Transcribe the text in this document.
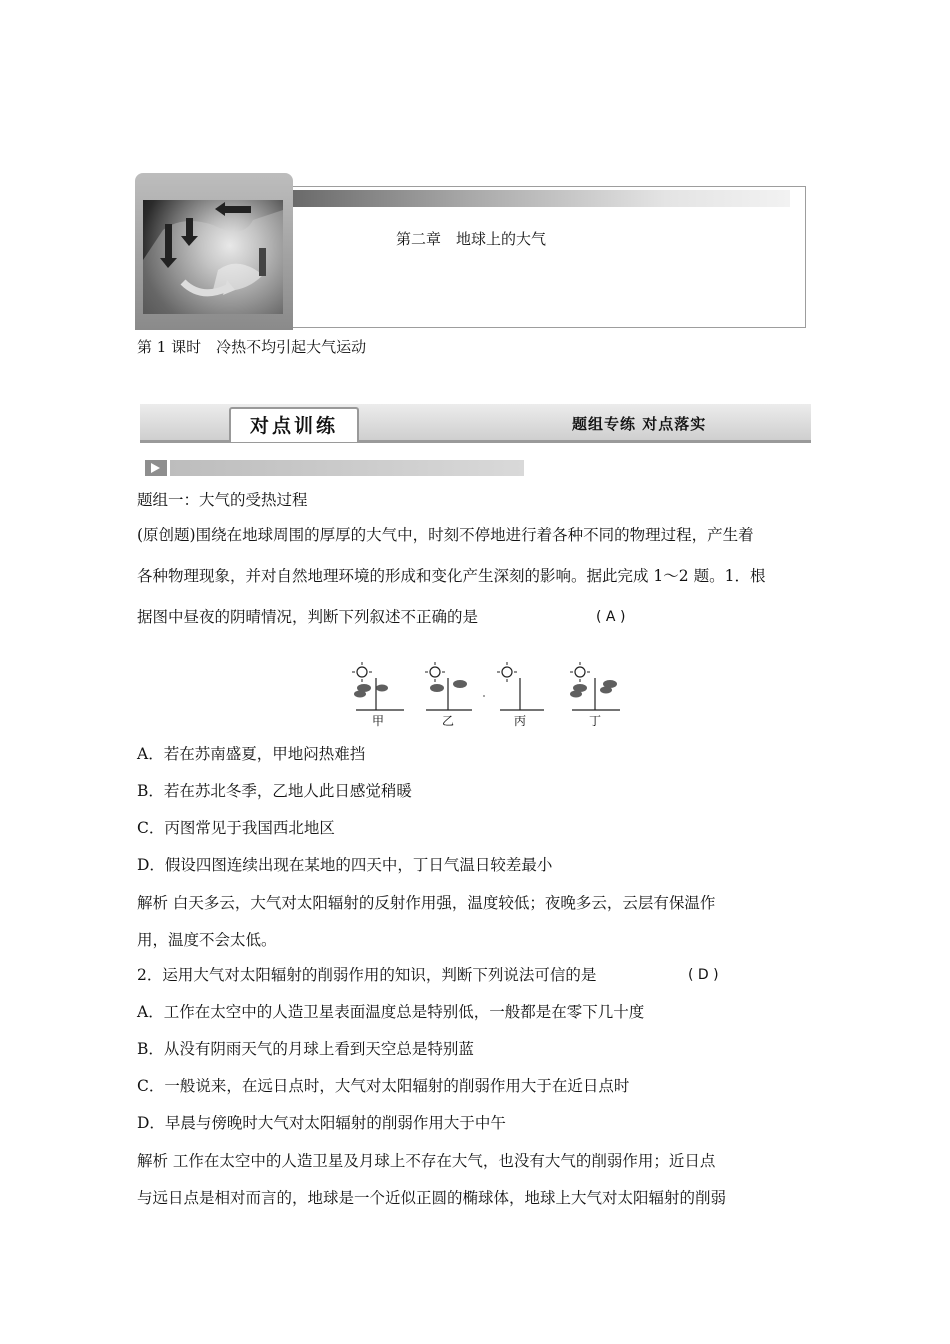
第二章　地球上的大气
第 1 课时　冷热不均引起大气运动
对点训练	题组专练 对点落实
题组一：大气的受热过程
(原创题)围绕在地球周围的厚厚的大气中，时刻不停地进行着各种不同的物理过程，产生着
各种物理现象，并对自然地理环境的形成和变化产生深刻的影响。据此完成 1～2 题。1．根
据图中昼夜的阴晴情况，判断下列叙述不正确的是	( A )
甲	乙	丙	丁
A．若在苏南盛夏，甲地闷热难挡
B．若在苏北冬季，乙地人此日感觉稍暖
C．丙图常见于我国西北地区
D．假设四图连续出现在某地的四天中，丁日气温日较差最小
解析 白天多云，大气对太阳辐射的反射作用强，温度较低；夜晚多云，云层有保温作
用，温度不会太低。
2．运用大气对太阳辐射的削弱作用的知识，判断下列说法可信的是	( D )
A．工作在太空中的人造卫星表面温度总是特别低，一般都是在零下几十度
B．从没有阴雨天气的月球上看到天空总是特别蓝
C．一般说来，在远日点时，大气对太阳辐射的削弱作用大于在近日点时
D．早晨与傍晚时大气对太阳辐射的削弱作用大于中午
解析 工作在太空中的人造卫星及月球上不存在大气，也没有大气的削弱作用；近日点
与远日点是相对而言的，地球是一个近似正圆的椭球体，地球上大气对太阳辐射的削弱
